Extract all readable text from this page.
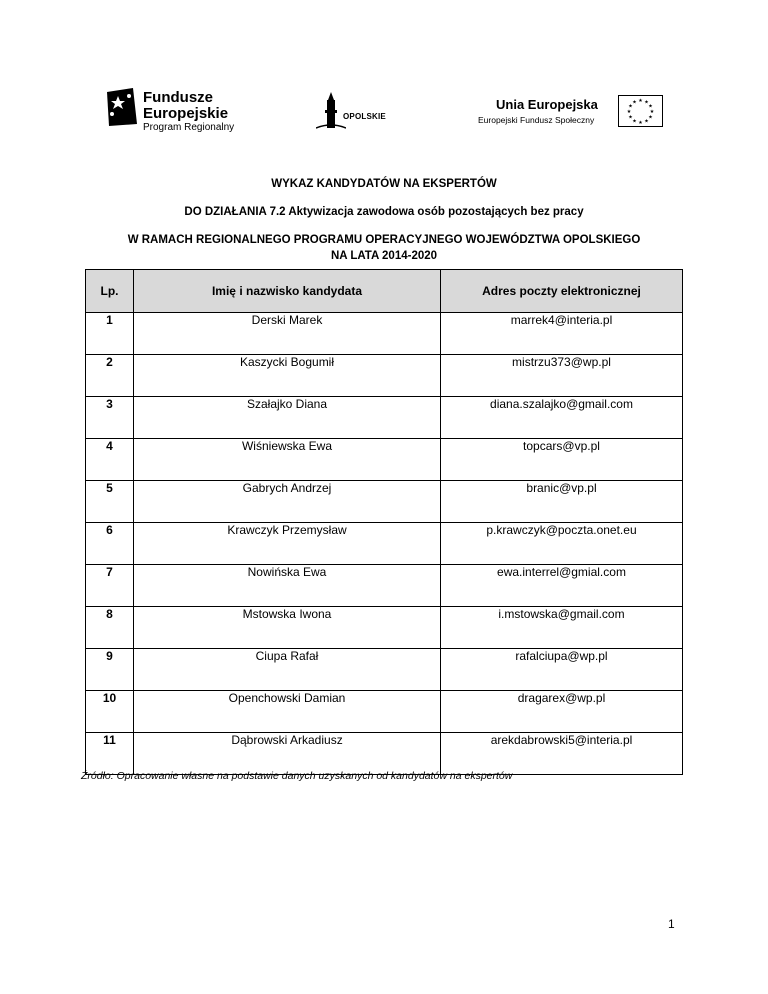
Fundusze
Europejskie
Program Regionalny
OPOLSKIE
Unia Europejska
Europejski Fundusz Społeczny
★ ★
★
★
★
★
★
★
★
★
★
★
WYKAZ KANDYDATÓW NA EKSPERTÓW
DO DZIAŁANIA 7.2 Aktywizacja zawodowa osób pozostających bez pracy
W RAMACH REGIONALNEGO PROGRAMU OPERACYJNEGO WOJEWÓDZTWA OPOLSKIEGO
NA LATA 2014-2020
Lp.	Imię i nazwisko kandydata	Adres poczty elektronicznej
1	Derski Marek	marrek4@interia.pl
2	Kaszycki Bogumił	mistrzu373@wp.pl
3	Szałajko Diana	diana.szalajko@gmail.com
4	Wiśniewska Ewa	topcars@vp.pl
5	Gabrych Andrzej	branic@vp.pl
6	Krawczyk Przemysław	p.krawczyk@poczta.onet.eu
7	Nowińska Ewa	ewa.interrel@gmial.com
8	Mstowska Iwona	i.mstowska@gmail.com
9	Ciupa Rafał	rafalciupa@wp.pl
10	Openchowski Damian	dragarex@wp.pl
11	Dąbrowski Arkadiusz	arekdabrowski5@interia.pl
Źródło: Opracowanie własne na podstawie danych uzyskanych od kandydatów na ekspertów
1
